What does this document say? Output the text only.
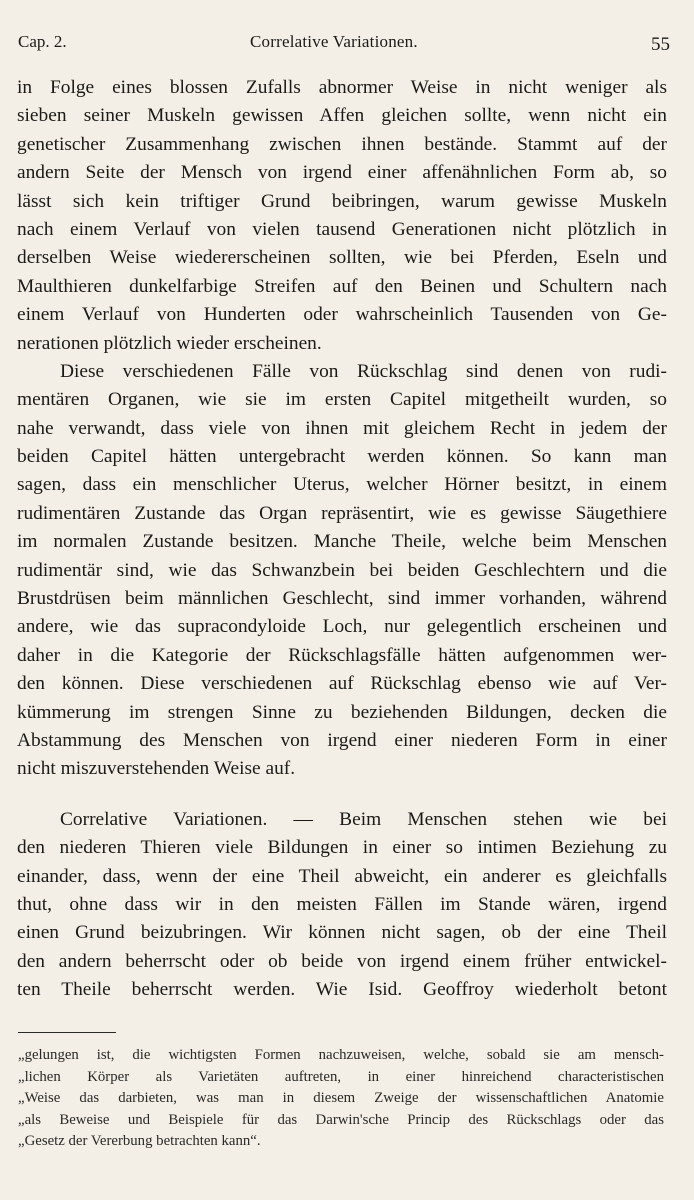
Cap. 2.	Correlative Variationen.	55
in Folge eines blossen Zufalls abnormer Weise in nicht weniger als
sieben seiner Muskeln gewissen Affen gleichen sollte, wenn nicht ein
genetischer Zusammenhang zwischen ihnen bestände. Stammt auf der
andern Seite der Mensch von irgend einer affenähnlichen Form ab, so
lässt sich kein triftiger Grund beibringen, warum gewisse Muskeln
nach einem Verlauf von vielen tausend Generationen nicht plötzlich in
derselben Weise wiedererscheinen sollten, wie bei Pferden, Eseln und
Maulthieren dunkelfarbige Streifen auf den Beinen und Schultern nach
einem Verlauf von Hunderten oder wahrscheinlich Tausenden von Ge-
nerationen plötzlich wieder erscheinen.
Diese verschiedenen Fälle von Rückschlag sind denen von rudi-
mentären Organen, wie sie im ersten Capitel mitgetheilt wurden, so
nahe verwandt, dass viele von ihnen mit gleichem Recht in jedem der
beiden Capitel hätten untergebracht werden können. So kann man
sagen, dass ein menschlicher Uterus, welcher Hörner besitzt, in einem
rudimentären Zustande das Organ repräsentirt, wie es gewisse Säugethiere
im normalen Zustande besitzen. Manche Theile, welche beim Menschen
rudimentär sind, wie das Schwanzbein bei beiden Geschlechtern und die
Brustdrüsen beim männlichen Geschlecht, sind immer vorhanden, während
andere, wie das supracondyloide Loch, nur gelegentlich erscheinen und
daher in die Kategorie der Rückschlagsfälle hätten aufgenommen wer-
den können. Diese verschiedenen auf Rückschlag ebenso wie auf Ver-
kümmerung im strengen Sinne zu beziehenden Bildungen, decken die
Abstammung des Menschen von irgend einer niederen Form in einer
nicht miszuverstehenden Weise auf.
Correlative Variationen. — Beim Menschen stehen wie bei
den niederen Thieren viele Bildungen in einer so intimen Beziehung zu
einander, dass, wenn der eine Theil abweicht, ein anderer es gleichfalls
thut, ohne dass wir in den meisten Fällen im Stande wären, irgend
einen Grund beizubringen. Wir können nicht sagen, ob der eine Theil
den andern beherrscht oder ob beide von irgend einem früher entwickel-
ten Theile beherrscht werden. Wie Isid. Geoffroy wiederholt betont
„gelungen ist, die wichtigsten Formen nachzuweisen, welche, sobald sie am mensch-
„lichen Körper als Varietäten auftreten, in einer hinreichend characteristischen
„Weise das darbieten, was man in diesem Zweige der wissenschaftlichen Anatomie
„als Beweise und Beispiele für das Darwin'sche Princip des Rückschlags oder das
„Gesetz der Vererbung betrachten kann“.
